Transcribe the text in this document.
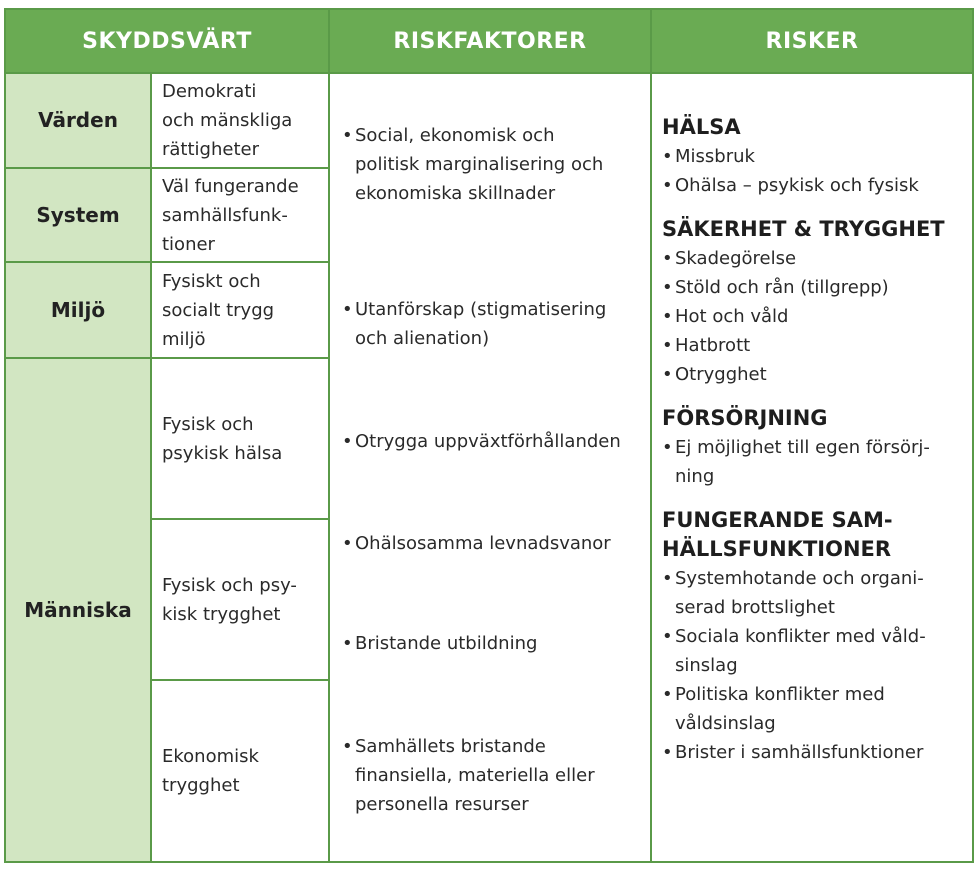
SKYDDSVÄRT	RISKFAKTORER	RISKER
Värden
System
Miljö
Människa
Demokrati
och mänskliga
rättigheter
Väl fungerande
samhällsfunk-
tioner
Fysiskt och
socialt trygg
miljö
Fysisk och
psykisk hälsa
Fysisk och psy-
kisk trygghet
Ekonomisk
trygghet
• Social, ekonomisk och
politisk marginalisering och
ekonomiska skillnader
• Utanförskap (stigmatisering
och alienation)
• Otrygga uppväxtförhållanden
• Ohälsosamma levnadsvanor
• Bristande utbildning
• Samhällets bristande
finansiella, materiella eller
personella resurser
HÄLSA
• Missbruk
• Ohälsa – psykisk och fysisk
SÄKERHET & TRYGGHET
• Skadegörelse
• Stöld och rån (tillgrepp)
• Hot och våld
• Hatbrott
• Otrygghet
FÖRSÖRJNING
• Ej möjlighet till egen försörj-
ning
FUNGERANDE SAM-
HÄLLSFUNKTIONER
• Systemhotande och organi-
serad brottslighet
• Sociala konflikter med våld-
sinslag
• Politiska konflikter med
våldsinslag
• Brister i samhällsfunktioner
